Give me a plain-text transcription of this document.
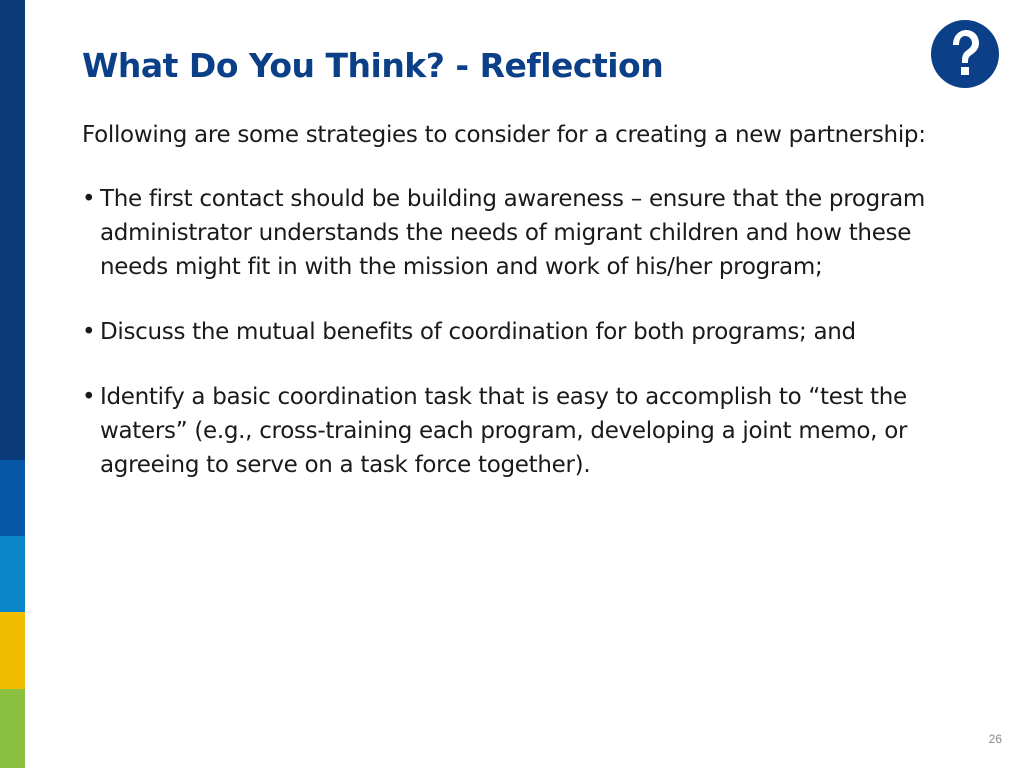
What Do You Think? - Reflection

Following are some strategies to consider for a creating a new partnership:

• The first contact should be building awareness – ensure that the program administrator understands the needs of migrant children and how these needs might fit in with the mission and work of his/her program;
• Discuss the mutual benefits of coordination for both programs; and
• Identify a basic coordination task that is easy to accomplish to “test the waters” (e.g., cross-training each program, developing a joint memo, or agreeing to serve on a task force together).
26
